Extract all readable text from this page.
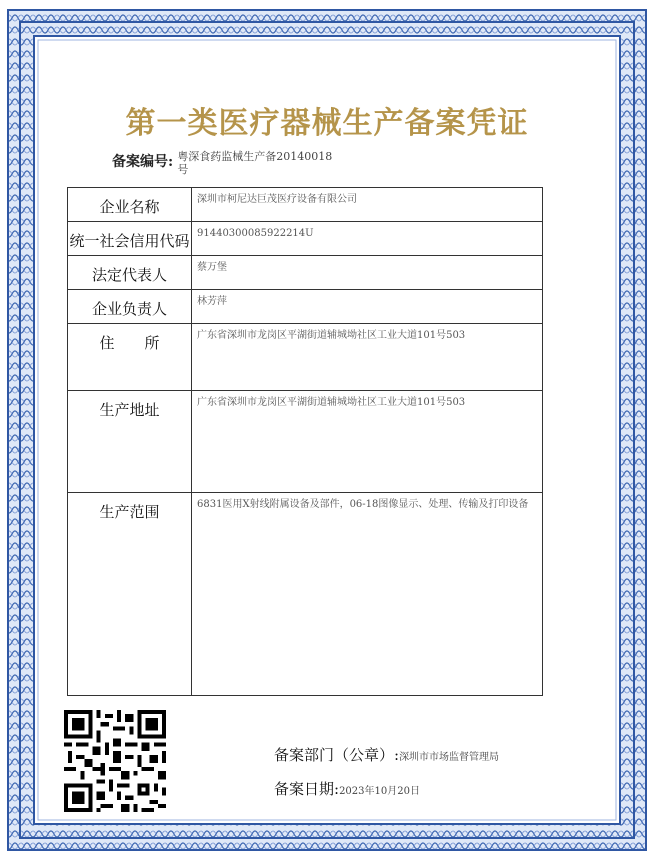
第一类医疗器械生产备案凭证
备案编号: 粤深食药监械生产备20140018号
企业名称	深圳市柯尼达巨茂医疗设备有限公司
统一社会信用代码	91440300085922214U
法定代表人	蔡万堡
企业负责人	林芳萍
住　　所	广东省深圳市龙岗区平湖街道辅城坳社区工业大道101号503
生产地址	广东省深圳市龙岗区平湖街道辅城坳社区工业大道101号503
生产范围	6831医用X射线附属设备及部件，06-18图像显示、处理、传输及打印设备
备案部门（公章）:深圳市市场监督管理局
备案日期:2023年10月20日
